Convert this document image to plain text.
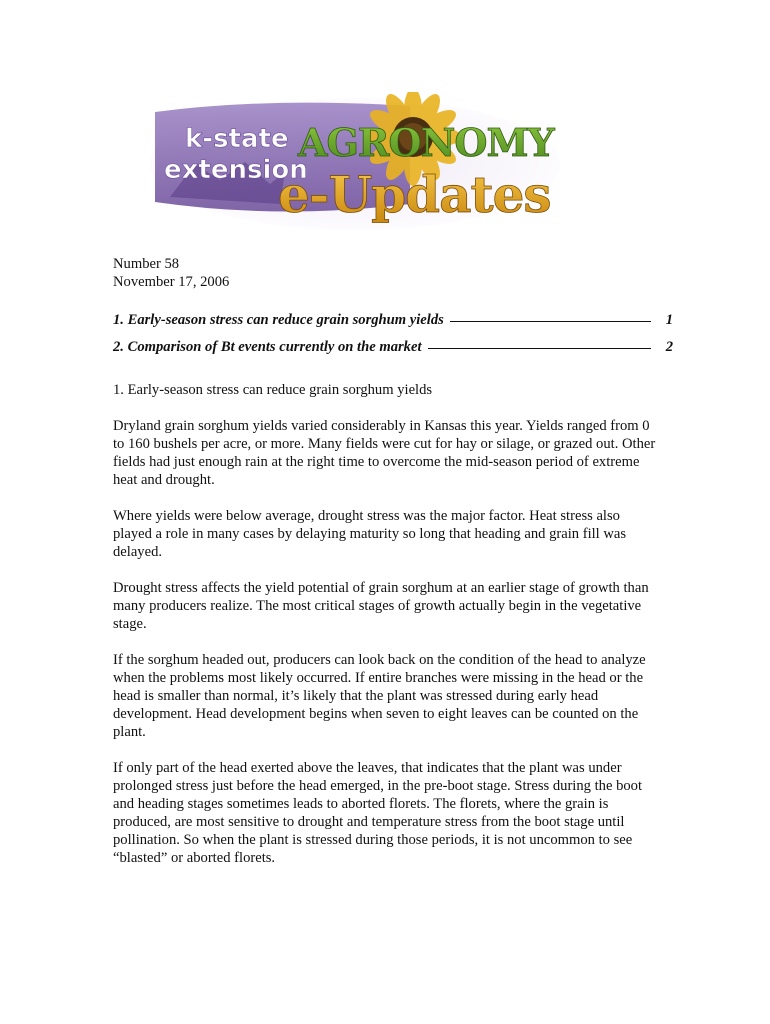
k-state
extension
AGRONOMY
e-Updates

Number 58

November 17, 2006

1. Early-season stress can reduce grain sorghum yields	1
2. Comparison of Bt events currently on the market	2

1. Early-season stress can reduce grain sorghum yields

Dryland grain sorghum yields varied considerably in Kansas this year. Yields ranged from 0 to 160 bushels per acre, or more. Many fields were cut for hay or silage, or grazed out. Other fields had just enough rain at the right time to overcome the mid-season period of extreme heat and drought.

Where yields were below average, drought stress was the major factor. Heat stress also played a role in many cases by delaying maturity so long that heading and grain fill was delayed.

Drought stress affects the yield potential of grain sorghum at an earlier stage of growth than many producers realize. The most critical stages of growth actually begin in the vegetative stage.

If the sorghum headed out, producers can look back on the condition of the head to analyze when the problems most likely occurred. If entire branches were missing in the head or the head is smaller than normal, it’s likely that the plant was stressed during early head development. Head development begins when seven to eight leaves can be counted on the plant.

If only part of the head exerted above the leaves, that indicates that the plant was under prolonged stress just before the head emerged, in the pre-boot stage. Stress during the boot and heading stages sometimes leads to aborted florets. The florets, where the grain is produced, are most sensitive to drought and temperature stress from the boot stage until pollination. So when the plant is stressed during those periods, it is not uncommon to see “blasted” or aborted florets.
